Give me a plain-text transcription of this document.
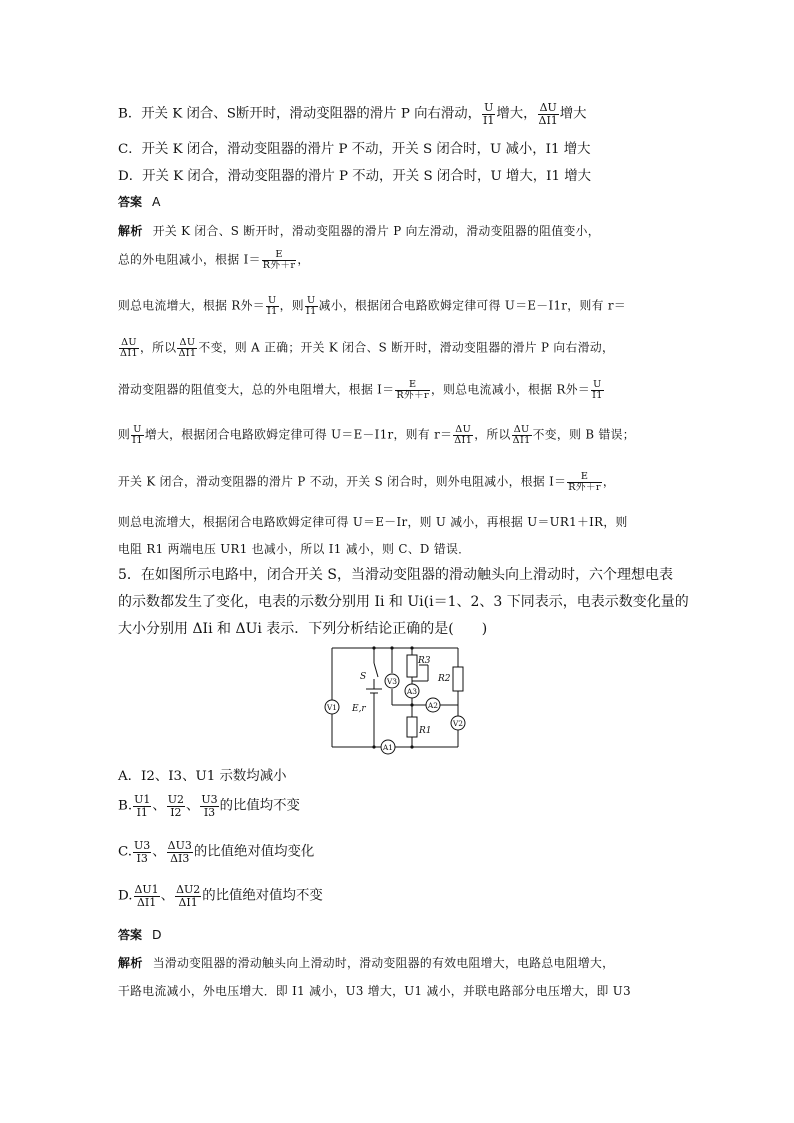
B．开关 K 闭合、S断开时，滑动变阻器的滑片 P 向右滑动， $\frac{U}{I1}$ 增大， $\frac{\Delta U}{\Delta I1}$ 增大
C．开关 K 闭合，滑动变阻器的滑片 P 不动，开关 S 闭合时，U 减小，I1 增大
D．开关 K 闭合，滑动变阻器的滑片 P 不动，开关 S 闭合时，U 增大，I1 增大
答案 A
解析 开关 K 闭合、S 断开时，滑动变阻器的滑片 P 向左滑动，滑动变阻器的阻值变小，
总的外电阻减小，根据 $I= \frac{E}{\text{R外＋r}}$ ，
则总电流增大，根据 R外＝ $\frac{U}{I1}$ ，则 $\frac{U}{I1}$ 减小，根据闭合电路欧姆定律可得 U＝E－I1r，则有 r＝
$\frac{\Delta U}{\Delta I1}$ ，所以 $\frac{\Delta U}{\Delta I1}$ 不变，则 A 正确；开关 K 闭合、S 断开时，滑动变阻器的滑片 P 向右滑动，
滑动变阻器的阻值变大，总的外电阻增大，根据 $I= \frac{E}{\text{R外＋r}}$ ，则总电流减小，根据 R外＝ $\frac{U}{I1}$
则 $\frac{U}{I1}$ 增大，根据闭合电路欧姆定律可得 U＝E－I1r，则有 $r= \frac{\Delta U}{\Delta I1}$ ，所以 $\frac{\Delta U}{\Delta I1}$ 不变，则 B 错误；
开关 K 闭合，滑动变阻器的滑片 P 不动，开关 S 闭合时，则外电阻减小，根据 $I= \frac{E}{\text{R外＋r}}$ ，
则总电流增大，根据闭合电路欧姆定律可得 U＝E－Ir，则 U 减小，再根据 U＝UR1＋IR，则
电阻 R1 两端电压 UR1 也减小，所以 I1 减小，则 C、D 错误．
5．在如图所示电路中，闭合开关 S，当滑动变阻器的滑动触头向上滑动时，六个理想电表
的示数都发生了变化，电表的示数分别用 Ii 和 Ui(i＝1、2、3 下同表示，电表示数变化量的
大小分别用 ΔIi 和 ΔUi 表示．下列分析结论正确的是(　　)
V1
V3
A3
A2
V2
A1
S
E,r
R3
R2
R1
A．I2、I3、U1 示数均减小
B. $\frac{U1}{I1}$ 、 $\frac{U2}{I2}$ 、 $\frac{U3}{I3}$ 的比值均不变
C. $\frac{U3}{I3}$ 、 $\frac{\Delta U3}{\Delta I3}$ 的比值绝对值均变化
D. $\frac{\Delta U1}{\Delta I1}$ 、 $\frac{\Delta U2}{\Delta I1}$ 的比值绝对值均不变
答案 D
解析 当滑动变阻器的滑动触头向上滑动时，滑动变阻器的有效电阻增大，电路总电阻增大，
干路电流减小，外电压增大．即 I1 减小，U3 增大，U1 减小，并联电路部分电压增大，即 U3
